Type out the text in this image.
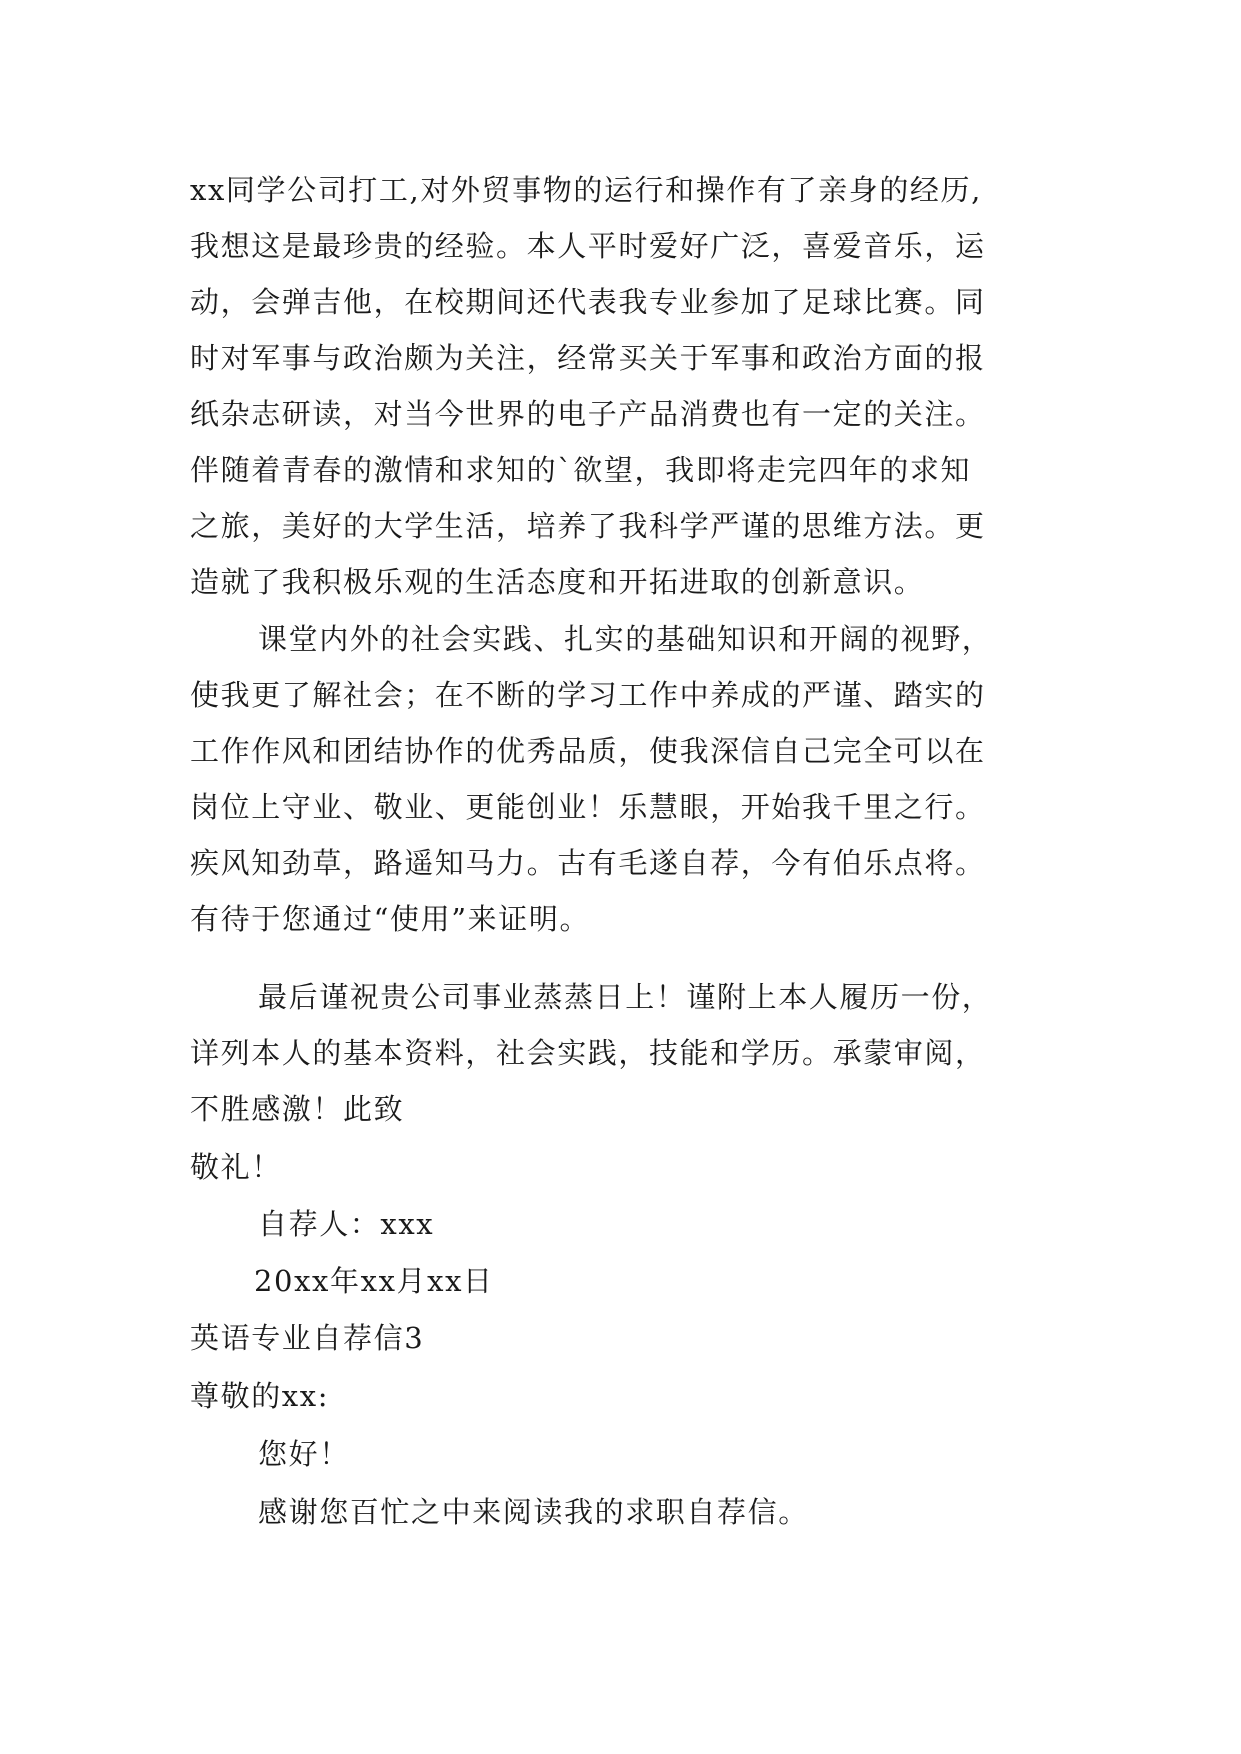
xx同学公司打工,对外贸事物的运行和操作有了亲身的经历,
我想这是最珍贵的经验。本人平时爱好广泛，喜爱音乐，运
动，会弹吉他，在校期间还代表我专业参加了足球比赛。同
时对军事与政治颇为关注，经常买关于军事和政治方面的报
纸杂志研读，对当今世界的电子产品消费也有一定的关注。
伴随着青春的激情和求知的`欲望，我即将走完四年的求知
之旅，美好的大学生活，培养了我科学严谨的思维方法。更
造就了我积极乐观的生活态度和开拓进取的创新意识。
课堂内外的社会实践、扎实的基础知识和开阔的视野，
使我更了解社会；在不断的学习工作中养成的严谨、踏实的
工作作风和团结协作的优秀品质，使我深信自己完全可以在
岗位上守业、敬业、更能创业！乐慧眼，开始我千里之行。
疾风知劲草，路遥知马力。古有毛遂自荐，今有伯乐点将。
有待于您通过“使用”来证明。
最后谨祝贵公司事业蒸蒸日上！谨附上本人履历一份，
详列本人的基本资料，社会实践，技能和学历。承蒙审阅，
不胜感激！此致
敬礼！
自荐人：xxx
20xx年xx月xx日
英语专业自荐信3
尊敬的xx:
您好！
感谢您百忙之中来阅读我的求职自荐信。
